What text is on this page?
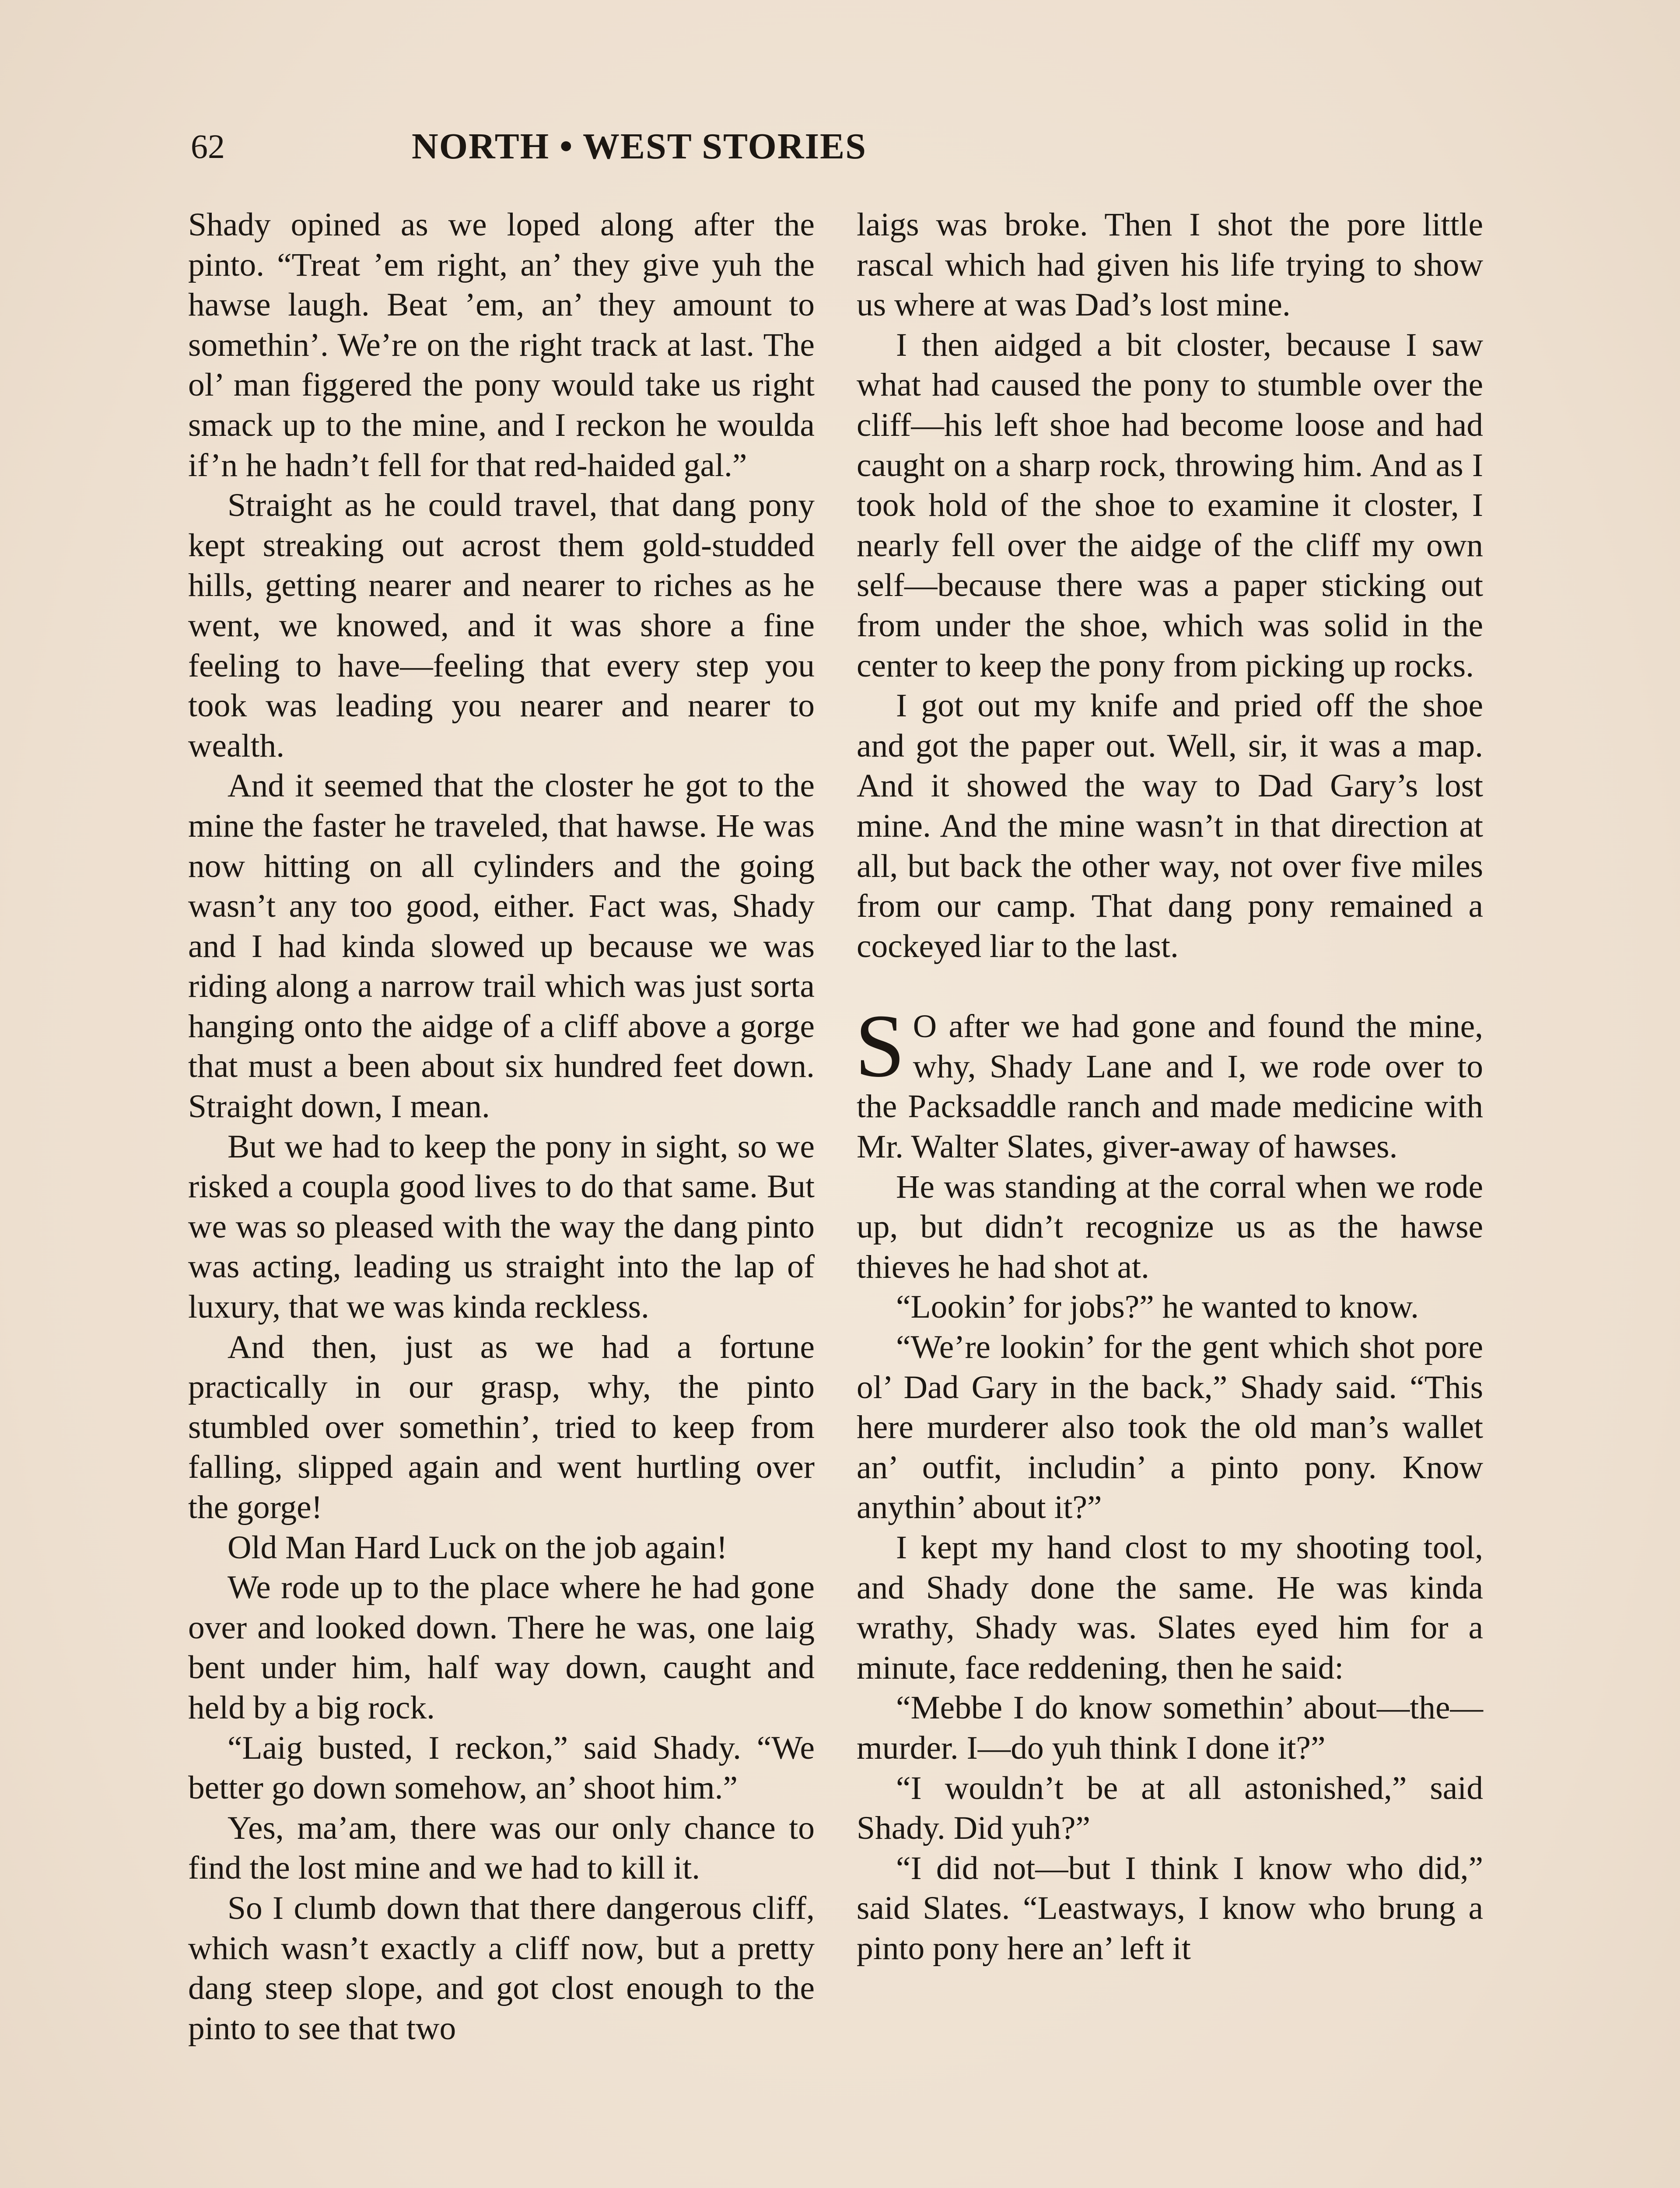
62	NORTH • WEST STORIES

Shady opined as we loped along after the pinto. “Treat ’em right, an’ they give yuh the hawse laugh. Beat ’em, an’ they amount to somethin’. We’re on the right track at last. The ol’ man figgered the pony would take us right smack up to the mine, and I reckon he woulda if’n he hadn’t fell for that red-haided gal.”

Straight as he could travel, that dang pony kept streaking out acrost them gold-studded hills, getting nearer and nearer to riches as he went, we knowed, and it was shore a fine feeling to have—feeling that every step you took was leading you nearer and nearer to wealth.

And it seemed that the closter he got to the mine the faster he traveled, that hawse. He was now hitting on all cylinders and the going wasn’t any too good, either. Fact was, Shady and I had kinda slowed up because we was riding along a narrow trail which was just sorta hanging onto the aidge of a cliff above a gorge that must a been about six hundred feet down. Straight down, I mean.

But we had to keep the pony in sight, so we risked a coupla good lives to do that same. But we was so pleased with the way the dang pinto was acting, leading us straight into the lap of luxury, that we was kinda reckless.

And then, just as we had a fortune practically in our grasp, why, the pinto stumbled over somethin’, tried to keep from falling, slipped again and went hurtling over the gorge!

Old Man Hard Luck on the job again!

We rode up to the place where he had gone over and looked down. There he was, one laig bent under him, half way down, caught and held by a big rock.

“Laig busted, I reckon,” said Shady. “We better go down somehow, an’ shoot him.”

Yes, ma’am, there was our only chance to find the lost mine and we had to kill it.

So I clumb down that there dangerous cliff, which wasn’t exactly a cliff now, but a pretty dang steep slope, and got clost enough to the pinto to see that two

laigs was broke. Then I shot the pore little rascal which had given his life trying to show us where at was Dad’s lost mine.

I then aidged a bit closter, because I saw what had caused the pony to stumble over the cliff—his left shoe had become loose and had caught on a sharp rock, throwing him. And as I took hold of the shoe to examine it closter, I nearly fell over the aidge of the cliff my own self—because there was a paper sticking out from under the shoe, which was solid in the center to keep the pony from picking up rocks.

I got out my knife and pried off the shoe and got the paper out. Well, sir, it was a map. And it showed the way to Dad Gary’s lost mine. And the mine wasn’t in that direction at all, but back the other way, not over five miles from our camp. That dang pony remained a cockeyed liar to the last.

S O after we had gone and found the mine, why, Shady Lane and I, we rode over to the Packsaddle ranch and made medicine with Mr. Walter Slates, giver-away of hawses.

He was standing at the corral when we rode up, but didn’t recognize us as the hawse thieves he had shot at.

“Lookin’ for jobs?” he wanted to know.

“We’re lookin’ for the gent which shot pore ol’ Dad Gary in the back,” Shady said. “This here murderer also took the old man’s wallet an’ outfit, includin’ a pinto pony. Know anythin’ about it?”

I kept my hand clost to my shooting tool, and Shady done the same. He was kinda wrathy, Shady was. Slates eyed him for a minute, face reddening, then he said:

“Mebbe I do know somethin’ about—the—murder. I—do yuh think I done it?”

“I wouldn’t be at all astonished,” said Shady. Did yuh?”

“I did not—but I think I know who did,” said Slates. “Leastways, I know who brung a pinto pony here an’ left it
